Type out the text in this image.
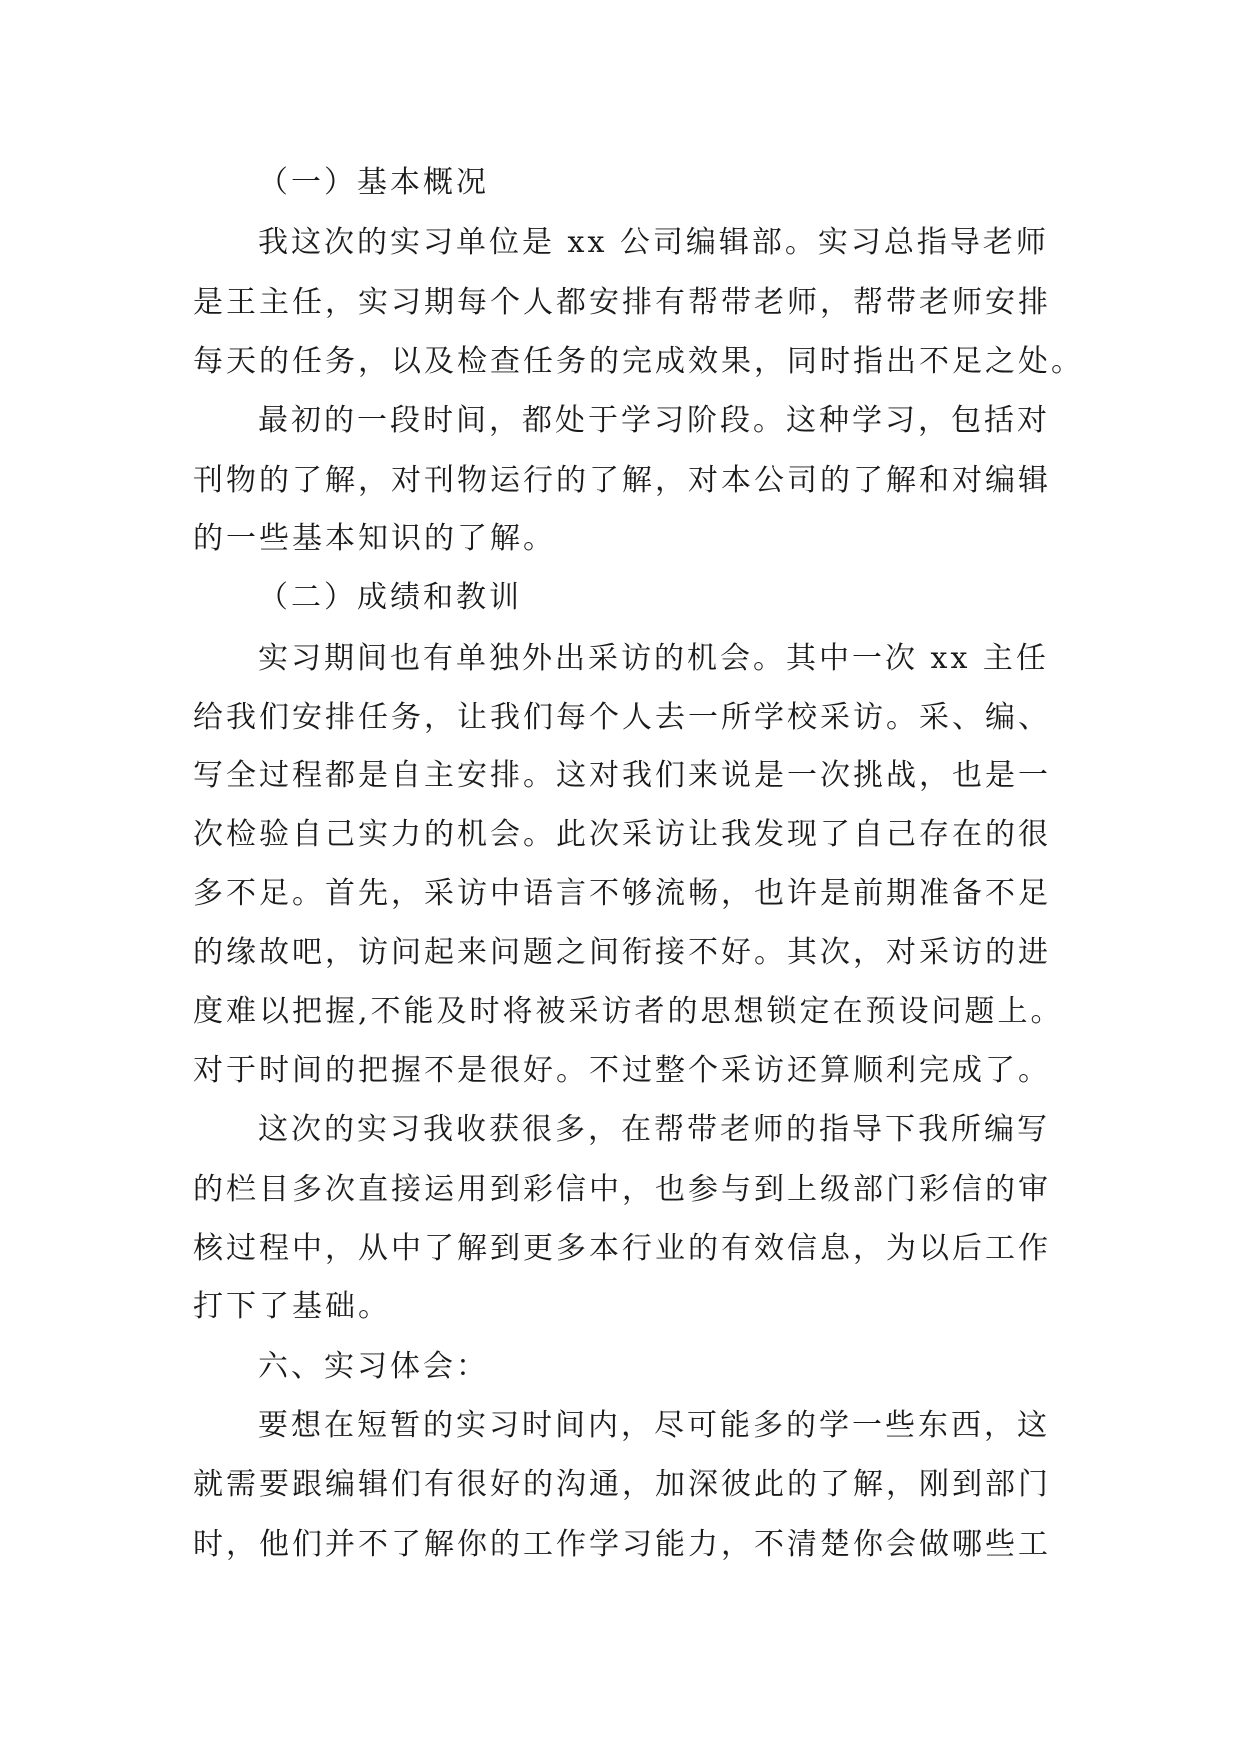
（一）基本概况
我这次的实习单位是 xx 公司编辑部。实习总指导老师
是王主任，实习期每个人都安排有帮带老师，帮带老师安排
每天的任务，以及检查任务的完成效果，同时指出不足之处。
最初的一段时间，都处于学习阶段。这种学习，包括对
刊物的了解，对刊物运行的了解，对本公司的了解和对编辑
的一些基本知识的了解。
（二）成绩和教训
实习期间也有单独外出采访的机会。其中一次 xx 主任
给我们安排任务，让我们每个人去一所学校采访。采、编、
写全过程都是自主安排。这对我们来说是一次挑战，也是一
次检验自己实力的机会。此次采访让我发现了自己存在的很
多不足。首先，采访中语言不够流畅，也许是前期准备不足
的缘故吧，访问起来问题之间衔接不好。其次，对采访的进
度难以把握,不能及时将被采访者的思想锁定在预设问题上。
对于时间的把握不是很好。不过整个采访还算顺利完成了。
这次的实习我收获很多，在帮带老师的指导下我所编写
的栏目多次直接运用到彩信中，也参与到上级部门彩信的审
核过程中，从中了解到更多本行业的有效信息，为以后工作
打下了基础。
六、实习体会：
要想在短暂的实习时间内，尽可能多的学一些东西，这
就需要跟编辑们有很好的沟通，加深彼此的了解，刚到部门
时，他们并不了解你的工作学习能力，不清楚你会做哪些工
